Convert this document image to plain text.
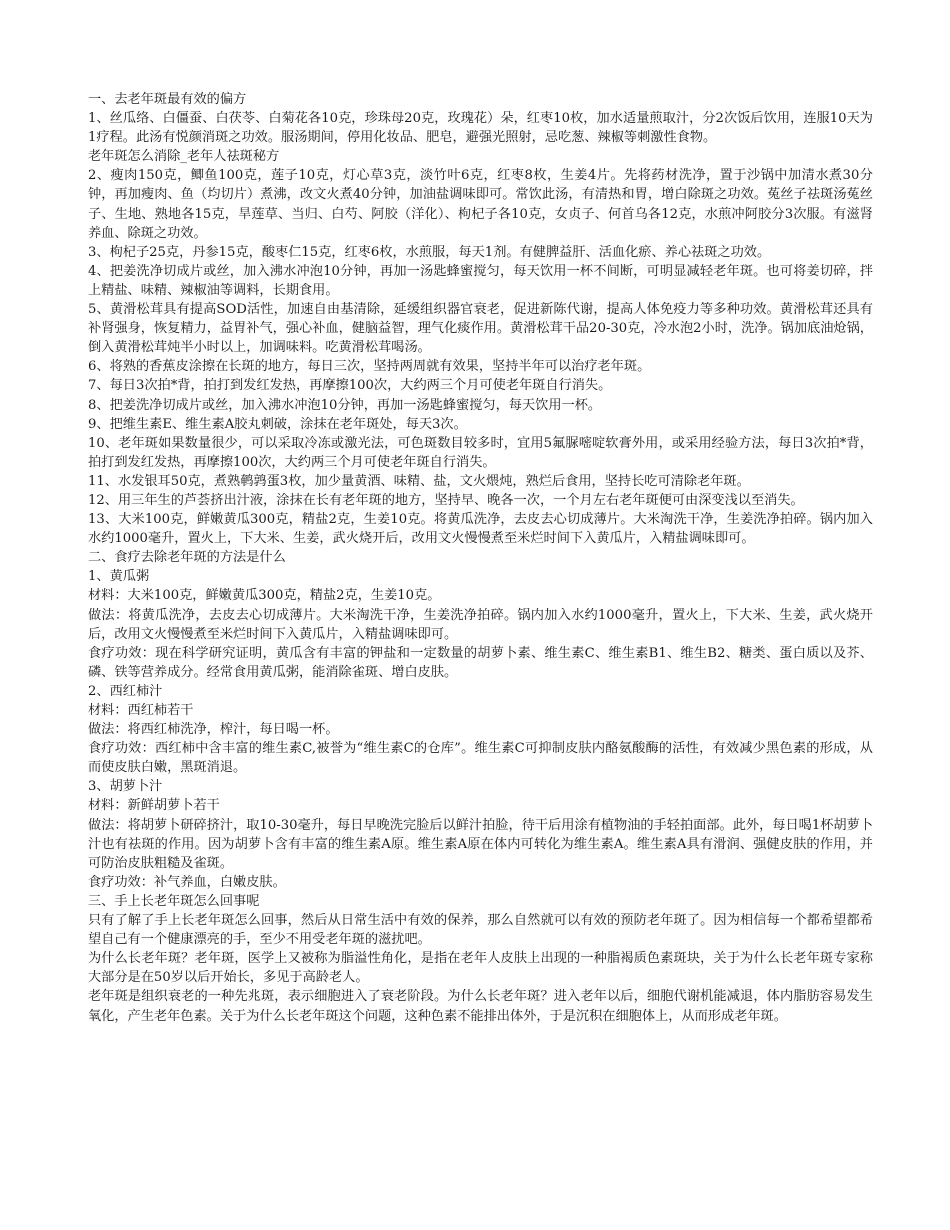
一、去老年斑最有效的偏方

1、丝瓜络、白僵蚕、白茯苓、白菊花各10克，珍珠母20克，玫瑰花）朵，红枣10枚，加水适量煎取汁，分2次饭后饮用，连服10天为1疗程。此汤有悦颜消斑之功效。服汤期间，停用化妆品、肥皂，避强光照射，忌吃葱、辣椒等刺激性食物。

老年斑怎么消除_老年人祛斑秘方

2、瘦肉150克，鲫鱼100克，莲子10克，灯心草3克，淡竹叶6克，红枣8枚，生姜4片。先将药材洗净，置于沙锅中加清水煮30分钟，再加瘦肉、鱼（均切片）煮沸，改文火煮40分钟，加油盐调味即可。常饮此汤，有清热和胃，增白除斑之功效。菟丝子祛斑汤菟丝子、生地、熟地各15克，旱莲草、当归、白芍、阿胶（洋化）、枸杞子各10克，女贞子、何首乌各12克，水煎冲阿胶分3次服。有滋肾养血、除斑之功效。

3、枸杞子25克，丹参15克，酸枣仁15克，红枣6枚，水煎服，每天1剂。有健脾益肝、活血化瘀、养心祛斑之功效。

4、把姜洗净切成片或丝，加入沸水冲泡10分钟，再加一汤匙蜂蜜搅匀，每天饮用一杯不间断，可明显减轻老年斑。也可将姜切碎，拌上精盐、味精、辣椒油等调料，长期食用。

5、黄滑松茸具有提高SOD活性，加速自由基清除，延缓组织器官衰老，促进新陈代谢，提高人体免疫力等多种功效。黄滑松茸还具有补肾强身，恢复精力，益胃补气，强心补血，健脑益智，理气化痰作用。黄滑松茸干品20-30克，冷水泡2小时，洗净。锅加底油炝锅，倒入黄滑松茸炖半小时以上，加调味料。吃黄滑松茸喝汤。

6、将熟的香蕉皮涂擦在长斑的地方，每日三次，坚持两周就有效果，坚持半年可以治疗老年斑。

7、每日3次拍*背，拍打到发红发热，再摩擦100次，大约两三个月可使老年斑自行消失。

8、把姜洗净切成片或丝，加入沸水冲泡10分钟，再加一汤匙蜂蜜搅匀，每天饮用一杯。

9、把维生素E、维生素A胶丸刺破，涂抹在老年斑处，每天3次。

10、老年斑如果数量很少，可以采取冷冻或激光法，可色斑数目较多时，宜用5氟脲嘧啶软膏外用，或采用经验方法，每日3次拍*背，拍打到发红发热，再摩擦100次，大约两三个月可使老年斑自行消失。

11、水发银耳50克，煮熟鹌鹑蛋3枚，加少量黄酒、味精、盐，文火煨炖，熟烂后食用，坚持长吃可清除老年斑。

12、用三年生的芦荟挤出汁液，涂抹在长有老年斑的地方，坚持早、晚各一次，一个月左右老年斑便可由深变浅以至消失。

13、大米100克，鲜嫩黄瓜300克，精盐2克，生姜10克。将黄瓜洗净，去皮去心切成薄片。大米淘洗干净，生姜洗净拍碎。锅内加入水约1000毫升，置火上，下大米、生姜，武火烧开后，改用文火慢慢煮至米烂时间下入黄瓜片，入精盐调味即可。

二、食疗去除老年斑的方法是什么

1、黄瓜粥

材料：大米100克，鲜嫩黄瓜300克，精盐2克，生姜10克。

做法：将黄瓜洗净，去皮去心切成薄片。大米淘洗干净，生姜洗净拍碎。锅内加入水约1000毫升，置火上，下大米、生姜，武火烧开后，改用文火慢慢煮至米烂时间下入黄瓜片，入精盐调味即可。

食疗功效：现在科学研究证明，黄瓜含有丰富的钾盐和一定数量的胡萝卜素、维生素C、维生素B1、维生B2、糖类、蛋白质以及芥、磷、铁等营养成分。经常食用黄瓜粥，能消除雀斑、增白皮肤。

2、西红柿汁

材料：西红柿若干

做法：将西红柿洗净，榨汁，每日喝一杯。

食疗功效：西红柿中含丰富的维生素C,被誉为“维生素C的仓库”。维生素C可抑制皮肤内酪氨酸酶的活性，有效减少黑色素的形成，从而使皮肤白嫩，黑斑消退。

3、胡萝卜汁

材料：新鲜胡萝卜若干

做法：将胡萝卜研碎挤汁，取10-30毫升，每日早晚洗完脸后以鲜汁拍脸，待干后用涂有植物油的手轻拍面部。此外，每日喝1杯胡萝卜汁也有祛斑的作用。因为胡萝卜含有丰富的维生素A原。维生素A原在体内可转化为维生素A。维生素A具有滑润、强健皮肤的作用，并可防治皮肤粗糙及雀斑。

食疗功效：补气养血，白嫩皮肤。

三、手上长老年斑怎么回事呢

只有了解了手上长老年斑怎么回事，然后从日常生活中有效的保养，那么自然就可以有效的预防老年斑了。因为相信每一个都希望都希望自己有一个健康漂亮的手，至少不用受老年斑的滋扰吧。

为什么长老年斑？老年斑，医学上又被称为脂溢性角化，是指在老年人皮肤上出现的一种脂褐质色素斑块，关于为什么长老年斑专家称大部分是在50岁以后开始长，多见于高龄老人。

老年斑是组织衰老的一种先兆斑，表示细胞进入了衰老阶段。为什么长老年斑？进入老年以后，细胞代谢机能减退，体内脂肪容易发生氧化，产生老年色素。关于为什么长老年斑这个问题，这种色素不能排出体外，于是沉积在细胞体上，从而形成老年斑。
